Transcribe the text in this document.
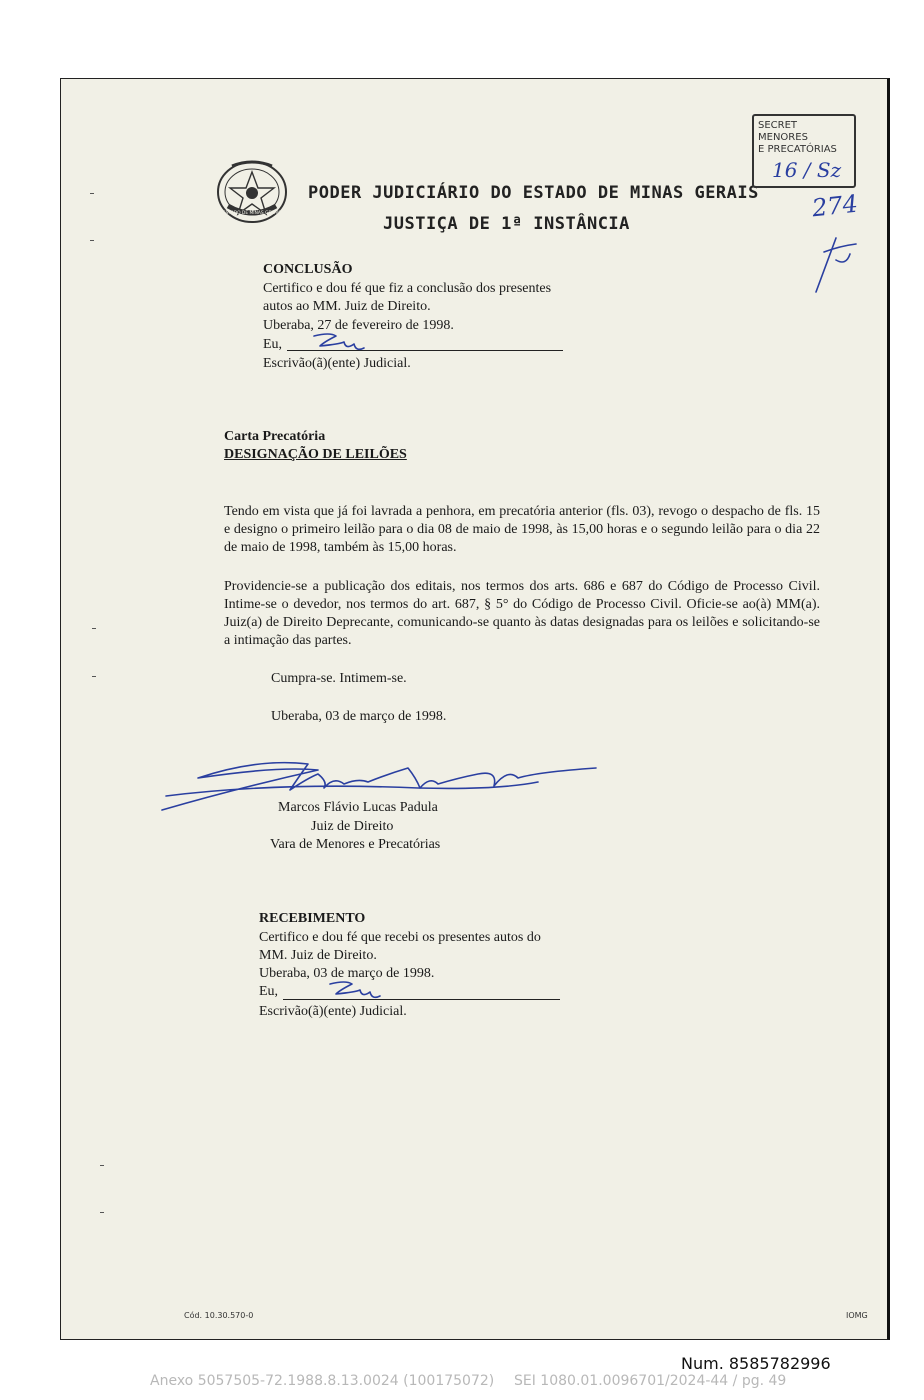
ESTADO DE MINAS GERAIS
PODER JUDICIÁRIO DO ESTADO DE MINAS GERAIS
JUSTIÇA DE 1ª INSTÂNCIA
SECRET MENORES
E PRECATÓRIAS
16 / Sz
274
CONCLUSÃO
Certifico e dou fé que fiz a conclusão dos presentes
autos ao MM. Juiz de Direito.
Uberaba, 27 de fevereiro de 1998.
Eu,
Escrivão(ã)(ente) Judicial.
Carta Precatória
DESIGNAÇÃO DE LEILÕES
Tendo em vista que já foi lavrada a penhora, em precatória anterior (fls. 03), revogo o despacho de fls. 15 e designo o primeiro leilão para o dia 08 de maio de 1998, às 15,00 horas e o segundo leilão para o dia 22 de maio de 1998, também às 15,00 horas.
Providencie-se a publicação dos editais, nos termos dos arts. 686 e 687 do Código de Processo Civil. Intime-se o devedor, nos termos do art. 687, § 5° do Código de Processo Civil. Oficie-se ao(à) MM(a). Juiz(a) de Direito Deprecante, comunicando-se quanto às datas designadas para os leilões e solicitando-se a intimação das partes.
Cumpra-se. Intimem-se.
Uberaba, 03 de março de 1998.
Marcos Flávio Lucas Padula
Juiz de Direito
Vara de Menores e Precatórias
RECEBIMENTO
Certifico e dou fé que recebi os presentes autos do
MM. Juiz de Direito.
Uberaba, 03 de março de 1998.
Eu,
Escrivão(ã)(ente) Judicial.
Cód. 10.30.570-0	IOMG
Num. 8585782996
Anexo 5057505-72.1988.8.13.0024 (100175072) SEI 1080.01.0096701/2024-44 / pg. 49
